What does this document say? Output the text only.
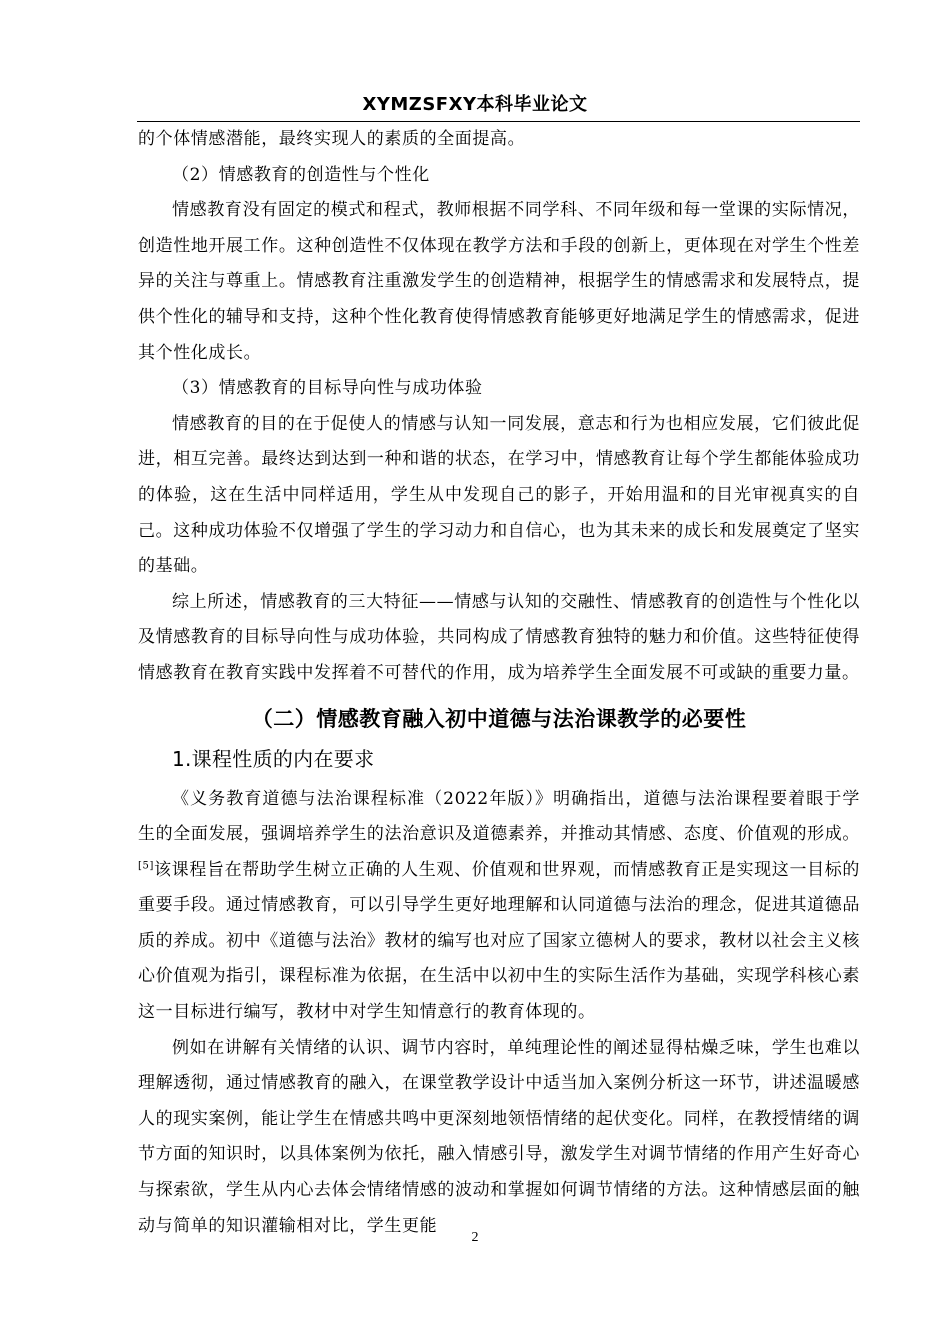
XYMZSFXY本科毕业论文

的个体情感潜能，最终实现人的素质的全面提高。

（2）情感教育的创造性与个性化

情感教育没有固定的模式和程式，教师根据不同学科、不同年级和每一堂课的实际情况，创造性地开展工作。这种创造性不仅体现在教学方法和手段的创新上，更体现在对学生个性差异的关注与尊重上。情感教育注重激发学生的创造精神，根据学生的情感需求和发展特点，提供个性化的辅导和支持，这种个性化教育使得情感教育能够更好地满足学生的情感需求，促进其个性化成长。

（3）情感教育的目标导向性与成功体验

情感教育的目的在于促使人的情感与认知一同发展，意志和行为也相应发展，它们彼此促进，相互完善。最终达到达到一种和谐的状态，在学习中，情感教育让每个学生都能体验成功的体验，这在生活中同样适用，学生从中发现自己的影子，开始用温和的目光审视真实的自己。这种成功体验不仅增强了学生的学习动力和自信心，也为其未来的成长和发展奠定了坚实的基础。

综上所述，情感教育的三大特征——情感与认知的交融性、情感教育的创造性与个性化以及情感教育的目标导向性与成功体验，共同构成了情感教育独特的魅力和价值。这些特征使得情感教育在教育实践中发挥着不可替代的作用，成为培养学生全面发展不可或缺的重要力量。

（二）情感教育融入初中道德与法治课教学的必要性
1.课程性质的内在要求

《义务教育道德与法治课程标准（2022年版）》明确指出，道德与法治课程要着眼于学生的全面发展，强调培养学生的法治意识及道德素养，并推动其情感、态度、价值观的形成。[5]该课程旨在帮助学生树立正确的人生观、价值观和世界观，而情感教育正是实现这一目标的重要手段。通过情感教育，可以引导学生更好地理解和认同道德与法治的理念，促进其道德品质的养成。初中《道德与法治》教材的编写也对应了国家立德树人的要求，教材以社会主义核心价值观为指引，课程标准为依据，在生活中以初中生的实际生活作为基础，实现学科核心素这一目标进行编写，教材中对学生知情意行的教育体现的。

例如在讲解有关情绪的认识、调节内容时，单纯理论性的阐述显得枯燥乏味，学生也难以理解透彻，通过情感教育的融入，在课堂教学设计中适当加入案例分析这一环节，讲述温暖感人的现实案例，能让学生在情感共鸣中更深刻地领悟情绪的起伏变化。同样，在教授情绪的调节方面的知识时，以具体案例为依托，融入情感引导，激发学生对调节情绪的作用产生好奇心与探索欲，学生从内心去体会情绪情感的波动和掌握如何调节情绪的方法。这种情感层面的触动与简单的知识灌输相对比，学生更能

2
